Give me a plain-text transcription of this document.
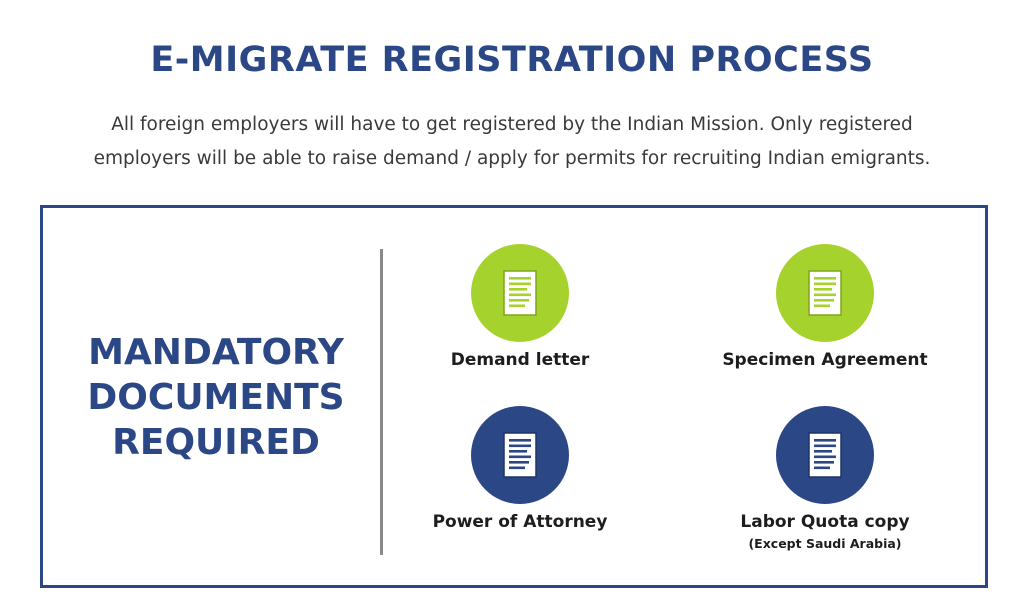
E-MIGRATE REGISTRATION PROCESS

All foreign employers will have to get registered by the Indian Mission. Only registered employers will be able to raise demand / apply for permits for recruiting Indian emigrants.

MANDATORY
DOCUMENTS
REQUIRED
Demand letter	Specimen Agreement
Power of Attorney	Labor Quota copy
(Except Saudi Arabia)
